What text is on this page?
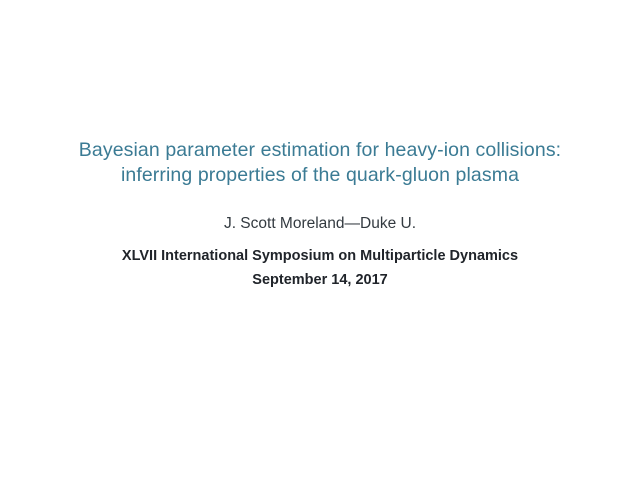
Bayesian parameter estimation for heavy-ion collisions:
inferring properties of the quark-gluon plasma
J. Scott Moreland—Duke U.
XLVII International Symposium on Multiparticle Dynamics
September 14, 2017
